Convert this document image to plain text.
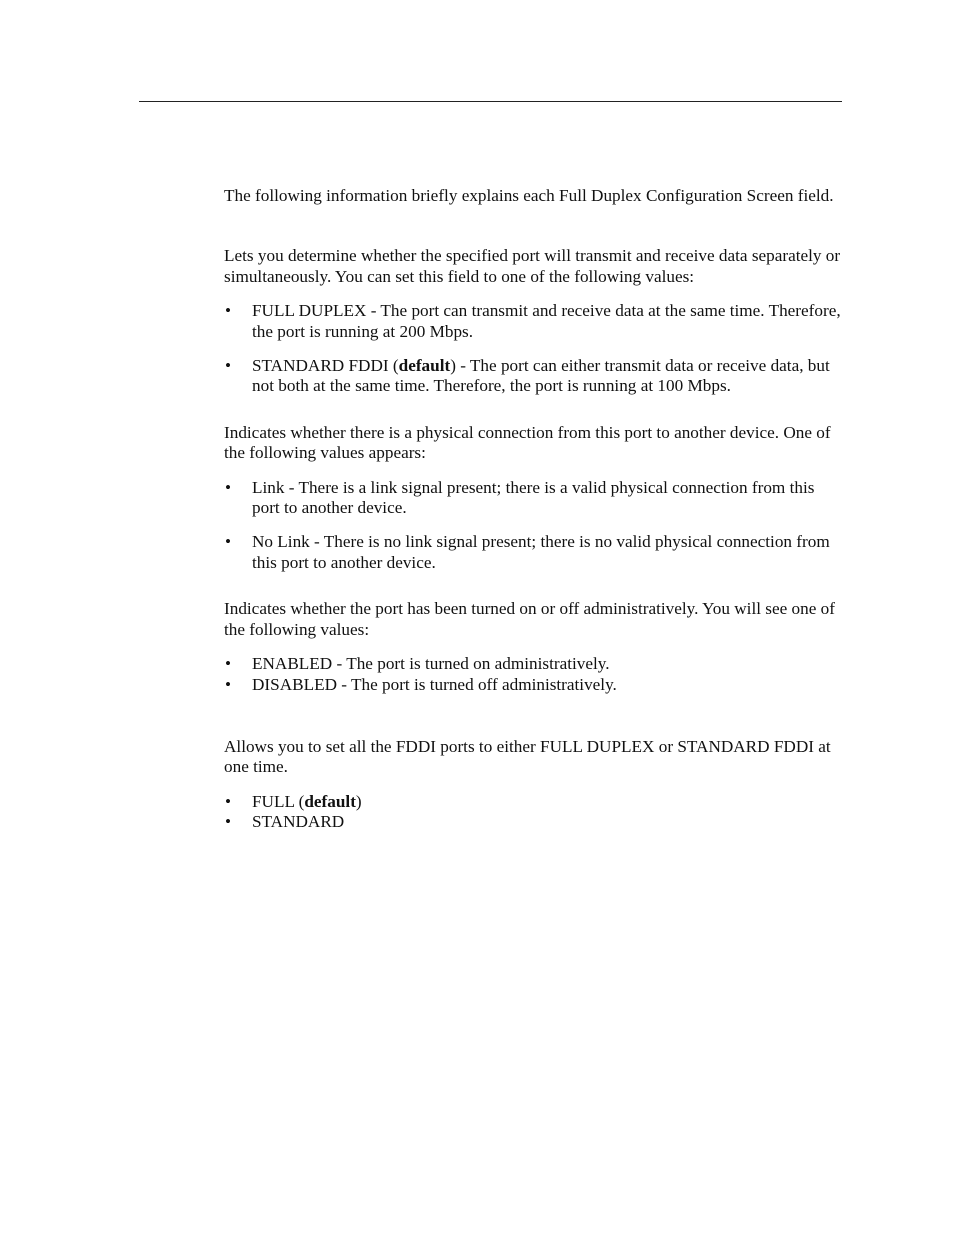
The following information briefly explains each Full Duplex Configuration Screen field.

Lets you determine whether the specified port will transmit and receive data separately or simultaneously. You can set this field to one of the following values:

• FULL DUPLEX - The port can transmit and receive data at the same time. Therefore, the port is running at 200 Mbps.
• STANDARD FDDI (default) - The port can either transmit data or receive data, but not both at the same time. Therefore, the port is running at 100 Mbps.

Indicates whether there is a physical connection from this port to another device. One of the following values appears:

• Link - There is a link signal present; there is a valid physical connection from this port to another device.
• No Link - There is no link signal present; there is no valid physical connection from this port to another device.

Indicates whether the port has been turned on or off administratively. You will see one of the following values:

• ENABLED - The port is turned on administratively.
• DISABLED - The port is turned off administratively.

Allows you to set all the FDDI ports to either FULL DUPLEX or STANDARD FDDI at one time.

• FULL (default)
• STANDARD
